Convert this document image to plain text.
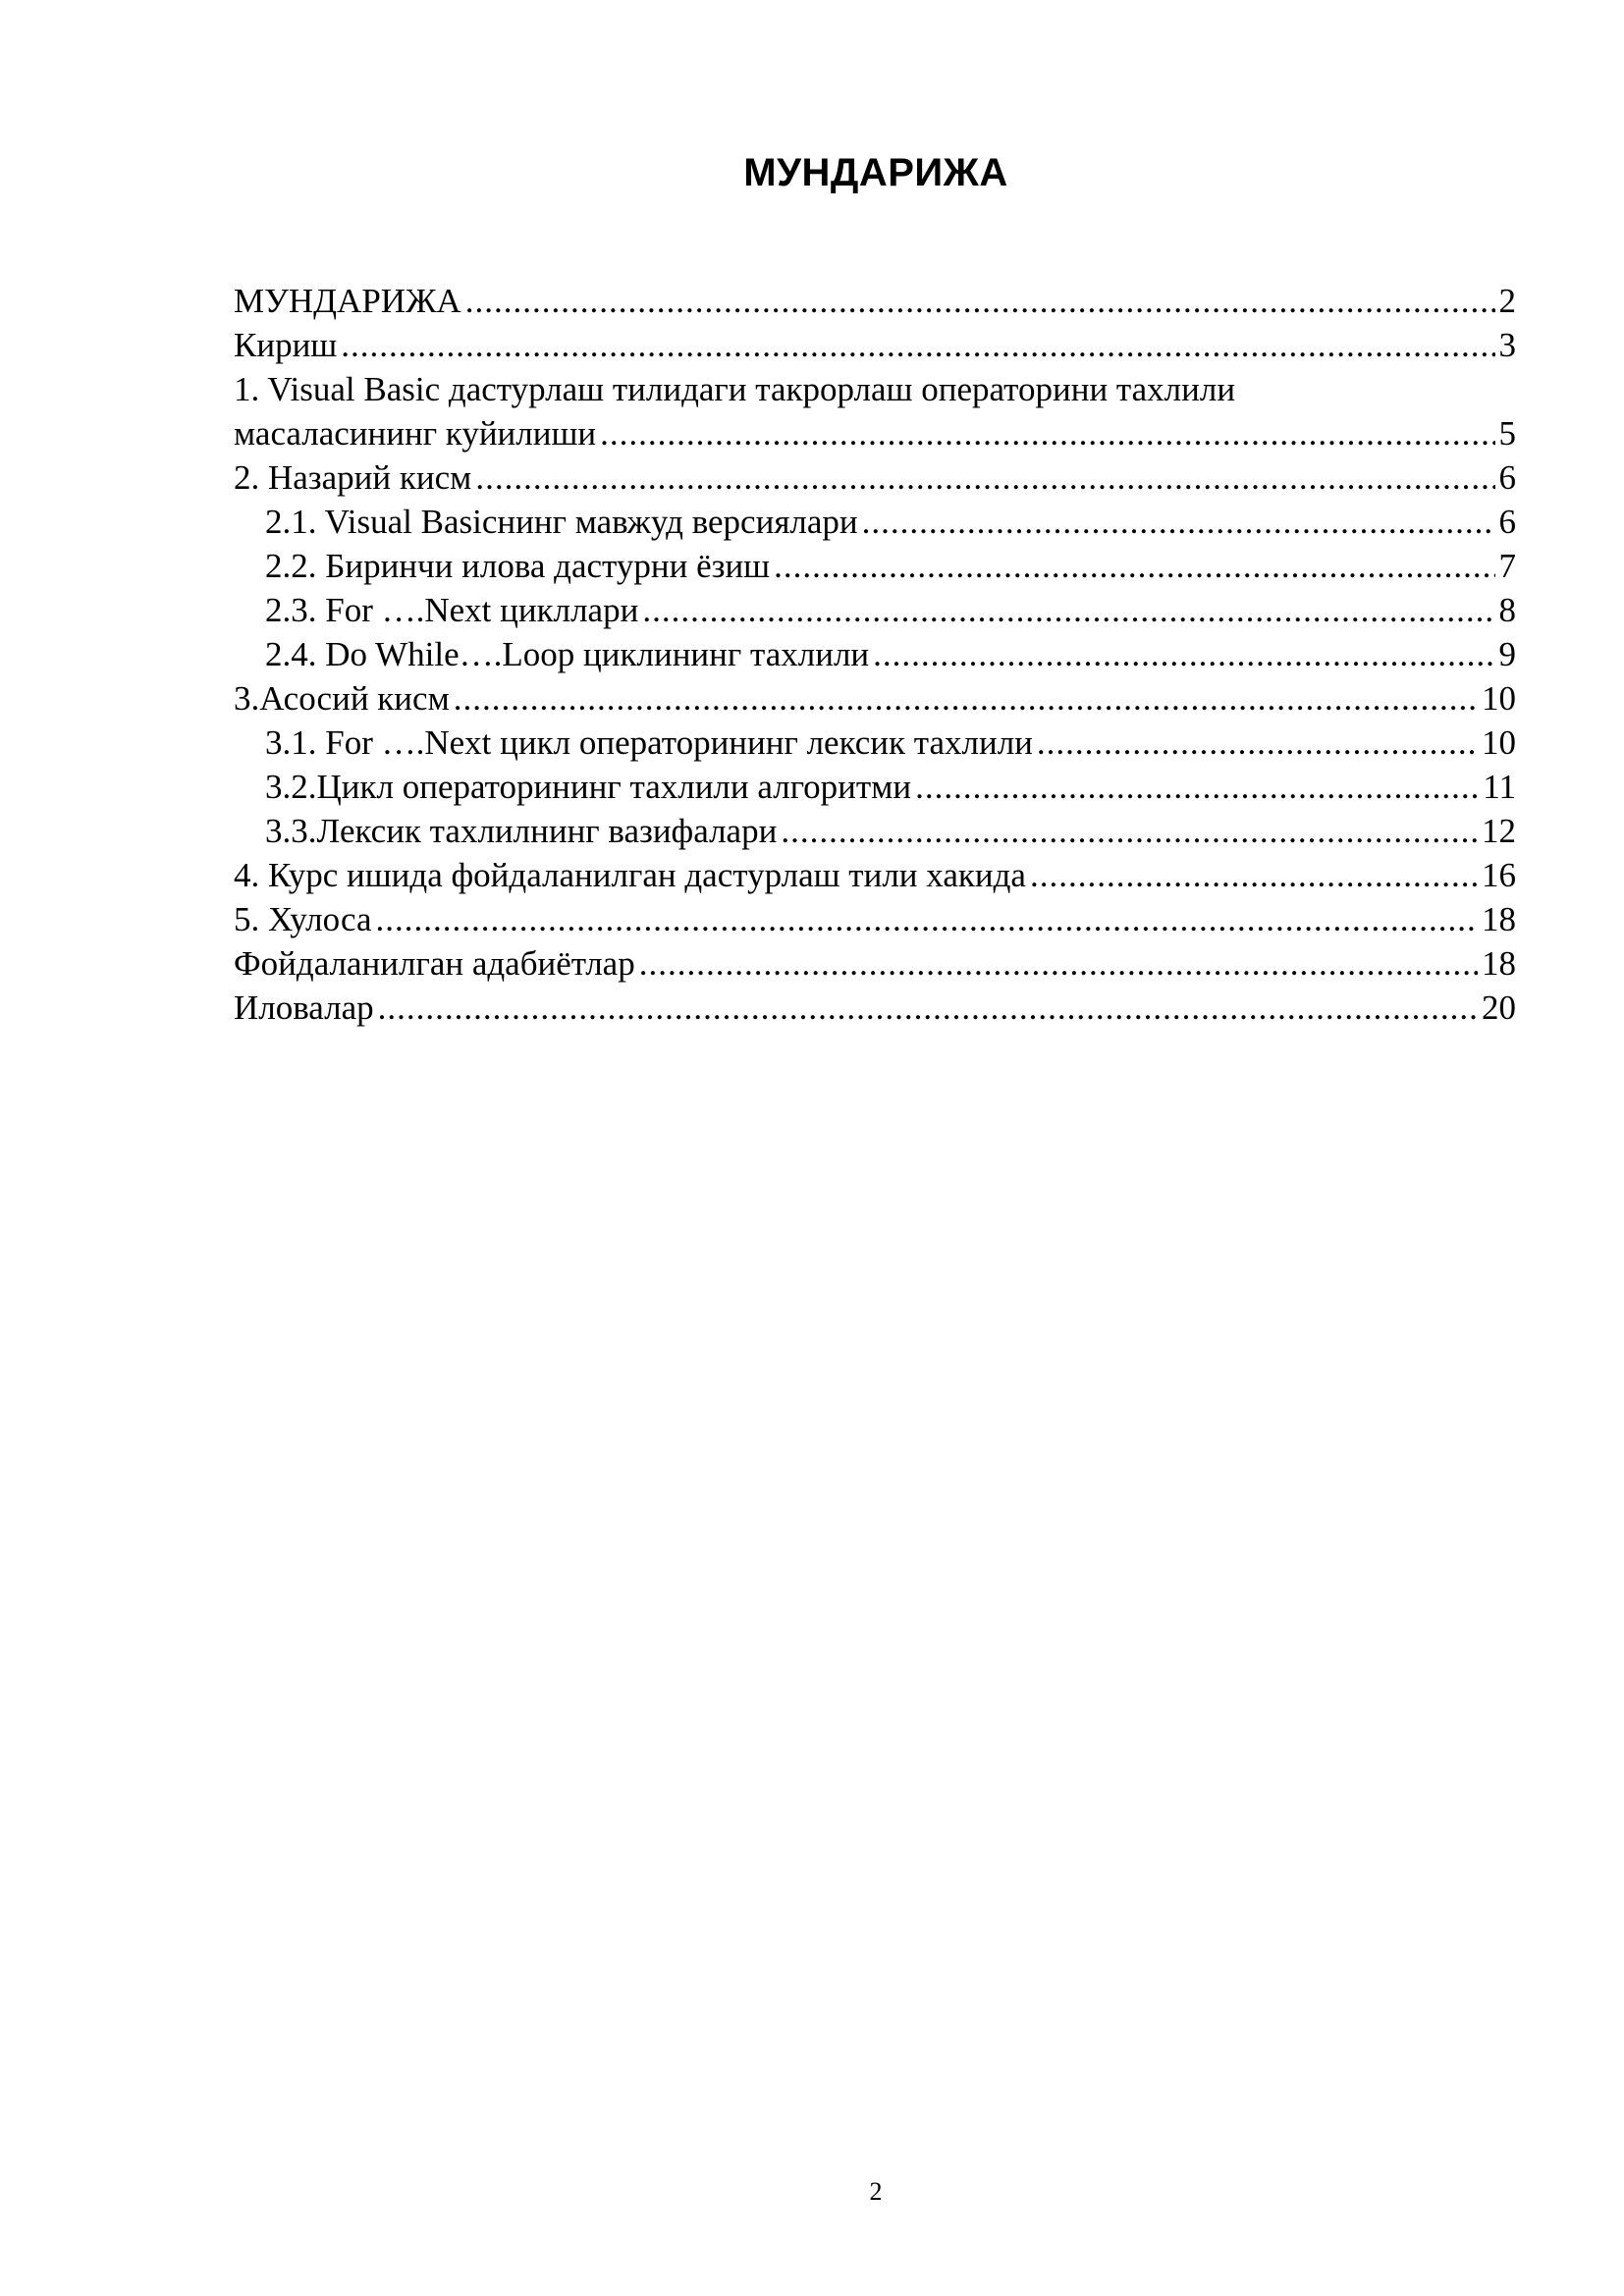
МУНДАРИЖА
МУНДАРИЖА .....	2
Кириш .....	3
1. Visual Basic дастурлаш тилидаги такрорлаш операторини тахлили
масаласининг куйилиши .....	5
2. Назарий кисм .....	6
2.1. Visual Basicнинг мавжуд версиялари .....	6
2.2. Биринчи илова дастурни ёзиш .....	7
2.3. For ….Next цикллари .....	8
2.4. Do While….Loop циклининг тахлили .....	9
3.Асосий кисм .....	10
3.1. For ….Next цикл операторининг лексик тахлили .....	10
3.2.Цикл операторининг тахлили алгоритми .....	11
3.3.Лексик тахлилнинг вазифалари .....	12
4. Курс ишида фойдаланилган дастурлаш тили хакида .....	16
5. Хулоса .....	18
Фойдаланилган адабиётлар .....	18
Иловалар .....	20
2
